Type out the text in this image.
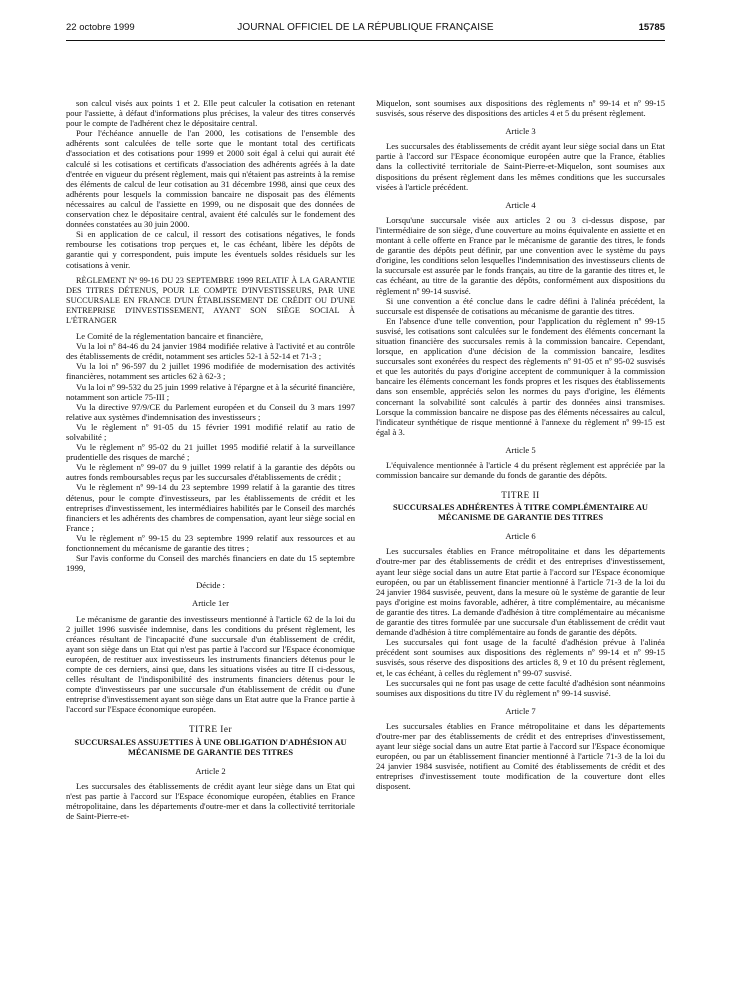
22 octobre 1999	JOURNAL OFFICIEL DE LA RÉPUBLIQUE FRANÇAISE	15785

son calcul visés aux points 1 et 2. Elle peut calculer la cotisation en retenant pour l'assiette, à défaut d'informations plus précises, la valeur des titres conservés pour le compte de l'adhérent chez le dépositaire central.

Pour l'échéance annuelle de l'an 2000, les cotisations de l'ensemble des adhérents sont calculées de telle sorte que le montant total des certificats d'association et des cotisations pour 1999 et 2000 soit égal à celui qui aurait été calculé si les cotisations et certificats d'association des adhérents agréés à la date d'entrée en vigueur du présent règlement, mais qui n'étaient pas astreints à la remise des éléments de calcul de leur cotisation au 31 décembre 1998, ainsi que ceux des adhérents pour lesquels la commission bancaire ne disposait pas des éléments nécessaires au calcul de l'assiette en 1999, ou ne disposait que des données de conservation chez le dépositaire central, avaient été calculés sur le fondement des données constatées au 30 juin 2000.

Si en application de ce calcul, il ressort des cotisations négatives, le fonds rembourse les cotisations trop perçues et, le cas échéant, libère les dépôts de garantie qui y correspondent, puis impute les éventuels soldes résiduels sur les cotisations à venir.

RÈGLEMENT Nº 99-16 DU 23 SEPTEMBRE 1999 RELATIF À LA GARANTIE DES TITRES DÉTENUS, POUR LE COMPTE D'INVESTISSEURS, PAR UNE SUCCURSALE EN FRANCE D'UN ÉTABLISSEMENT DE CRÉDIT OU D'UNE ENTREPRISE D'INVESTISSEMENT, AYANT SON SIÈGE SOCIAL À L'ÉTRANGER

Le Comité de la réglementation bancaire et financière,

Vu la loi nº 84-46 du 24 janvier 1984 modifiée relative à l'activité et au contrôle des établissements de crédit, notamment ses articles 52-1 à 52-14 et 71-3 ;

Vu la loi nº 96-597 du 2 juillet 1996 modifiée de modernisation des activités financières, notamment ses articles 62 à 62-3 ;

Vu la loi nº 99-532 du 25 juin 1999 relative à l'épargne et à la sécurité financière, notamment son article 75-III ;

Vu la directive 97/9/CE du Parlement européen et du Conseil du 3 mars 1997 relative aux systèmes d'indemnisation des investisseurs ;

Vu le règlement nº 91-05 du 15 février 1991 modifié relatif au ratio de solvabilité ;

Vu le règlement nº 95-02 du 21 juillet 1995 modifié relatif à la surveillance prudentielle des risques de marché ;

Vu le règlement nº 99-07 du 9 juillet 1999 relatif à la garantie des dépôts ou autres fonds remboursables reçus par les succursales d'établissements de crédit ;

Vu le règlement nº 99-14 du 23 septembre 1999 relatif à la garantie des titres détenus, pour le compte d'investisseurs, par les établissements de crédit et les entreprises d'investissement, les intermédiaires habilités par le Conseil des marchés financiers et les adhérents des chambres de compensation, ayant leur siège social en France ;

Vu le règlement nº 99-15 du 23 septembre 1999 relatif aux ressources et au fonctionnement du mécanisme de garantie des titres ;

Sur l'avis conforme du Conseil des marchés financiers en date du 15 septembre 1999,

Décide :

Article 1er

Le mécanisme de garantie des investisseurs mentionné à l'article 62 de la loi du 2 juillet 1996 susvisée indemnise, dans les conditions du présent règlement, les créances résultant de l'incapacité d'une succursale d'un établissement de crédit, ayant son siège dans un Etat qui n'est pas partie à l'accord sur l'Espace économique européen, de restituer aux investisseurs les instruments financiers détenus pour le compte de ces derniers, ainsi que, dans les situations visées au titre II ci-dessous, celles résultant de l'indisponibilité des instruments financiers détenus pour le compte d'investisseurs par une succursale d'un établissement de crédit ou d'une entreprise d'investissement ayant son siège dans un Etat autre que la France partie à l'accord sur l'Espace économique européen.

TITRE Ier

SUCCURSALES ASSUJETTIES À UNE OBLIGATION D'ADHÉSION AU MÉCANISME DE GARANTIE DES TITRES

Article 2

Les succursales des établissements de crédit ayant leur siège dans un Etat qui n'est pas partie à l'accord sur l'Espace économique européen, établies en France métropolitaine, dans les départements d'outre-mer et dans la collectivité territoriale de Saint-Pierre-et-

Miquelon, sont soumises aux dispositions des règlements nº 99-14 et nº 99-15 susvisés, sous réserve des dispositions des articles 4 et 5 du présent règlement.

Article 3

Les succursales des établissements de crédit ayant leur siège social dans un Etat partie à l'accord sur l'Espace économique européen autre que la France, établies dans la collectivité territoriale de Saint-Pierre-et-Miquelon, sont soumises aux dispositions du présent règlement dans les mêmes conditions que les succursales visées à l'article précédent.

Article 4

Lorsqu'une succursale visée aux articles 2 ou 3 ci-dessus dispose, par l'intermédiaire de son siège, d'une couverture au moins équivalente en assiette et en montant à celle offerte en France par le mécanisme de garantie des titres, le fonds de garantie des dépôts peut définir, par une convention avec le système du pays d'origine, les conditions selon lesquelles l'indemnisation des investisseurs clients de la succursale est assurée par le fonds français, au titre de la garantie des titres et, le cas échéant, au titre de la garantie des dépôts, conformément aux dispositions du règlement nº 99-14 susvisé.

Si une convention a été conclue dans le cadre défini à l'alinéa précédent, la succursale est dispensée de cotisations au mécanisme de garantie des titres.

En l'absence d'une telle convention, pour l'application du règlement nº 99-15 susvisé, les cotisations sont calculées sur le fondement des éléments concernant la situation financière des succursales remis à la commission bancaire. Cependant, lorsque, en application d'une décision de la commission bancaire, lesdites succursales sont exonérées du respect des règlements nº 91-05 et nº 95-02 susvisés et que les autorités du pays d'origine acceptent de communiquer à la commission bancaire les éléments concernant les fonds propres et les risques des établissements dans son ensemble, appréciés selon les normes du pays d'origine, les éléments concernant la solvabilité sont calculés à partir des données ainsi transmises. Lorsque la commission bancaire ne dispose pas des éléments nécessaires au calcul, l'indicateur synthétique de risque mentionné à l'annexe du règlement nº 99-15 est égal à 3.

Article 5

L'équivalence mentionnée à l'article 4 du présent règlement est appréciée par la commission bancaire sur demande du fonds de garantie des dépôts.

TITRE II

SUCCURSALES ADHÉRENTES À TITRE COMPLÉMENTAIRE AU MÉCANISME DE GARANTIE DES TITRES

Article 6

Les succursales établies en France métropolitaine et dans les départements d'outre-mer par des établissements de crédit et des entreprises d'investissement, ayant leur siège social dans un autre Etat partie à l'accord sur l'Espace économique européen, ou par un établissement financier mentionné à l'article 71-3 de la loi du 24 janvier 1984 susvisée, peuvent, dans la mesure où le système de garantie de leur pays d'origine est moins favorable, adhérer, à titre complémentaire, au mécanisme de garantie des titres. La demande d'adhésion à titre complémentaire au mécanisme de garantie des titres formulée par une succursale d'un établissement de crédit vaut demande d'adhésion à titre complémentaire au fonds de garantie des dépôts.

Les succursales qui font usage de la faculté d'adhésion prévue à l'alinéa précédent sont soumises aux dispositions des règlements nº 99-14 et nº 99-15 susvisés, sous réserve des dispositions des articles 8, 9 et 10 du présent règlement, et, le cas échéant, à celles du règlement nº 99-07 susvisé.

Les succursales qui ne font pas usage de cette faculté d'adhésion sont néanmoins soumises aux dispositions du titre IV du règlement nº 99-14 susvisé.

Article 7

Les succursales établies en France métropolitaine et dans les départements d'outre-mer par des établissements de crédit et des entreprises d'investissement, ayant leur siège social dans un autre Etat partie à l'accord sur l'Espace économique européen, ou par un établissement financier mentionné à l'article 71-3 de la loi du 24 janvier 1984 susvisée, notifient au Comité des établissements de crédit et des entreprises d'investissement toute modification de la couverture dont elles disposent.
